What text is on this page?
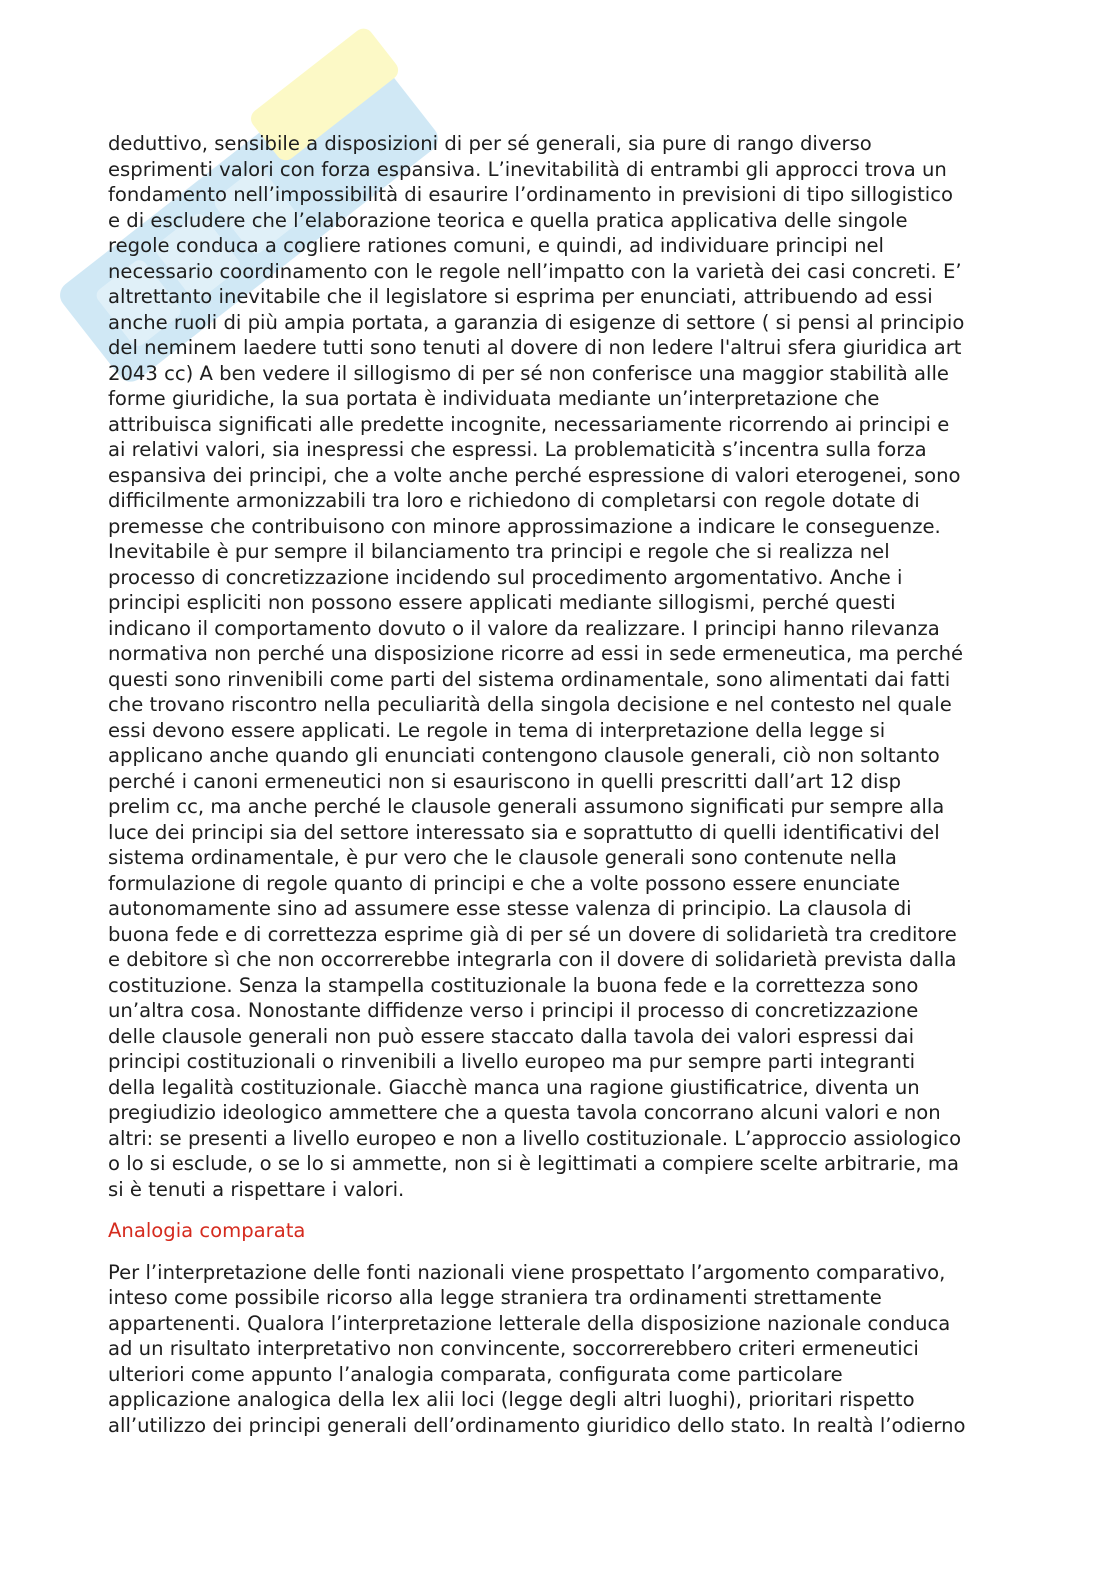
deduttivo, sensibile a disposizioni di per sé generali, sia pure di rango diverso
esprimenti valori con forza espansiva. L’inevitabilità di entrambi gli approcci trova un
fondamento nell’impossibilità di esaurire l’ordinamento in previsioni di tipo sillogistico
e di escludere che l’elaborazione teorica e quella pratica applicativa delle singole
regole conduca a cogliere rationes comuni, e quindi, ad individuare principi nel
necessario coordinamento con le regole nell’impatto con la varietà dei casi concreti. E’
altrettanto inevitabile che il legislatore si esprima per enunciati, attribuendo ad essi
anche ruoli di più ampia portata, a garanzia di esigenze di settore ( si pensi al principio
del neminem laedere tutti sono tenuti al dovere di non ledere l'altrui sfera giuridica art
2043 cc) A ben vedere il sillogismo di per sé non conferisce una maggior stabilità alle
forme giuridiche, la sua portata è individuata mediante un’interpretazione che
attribuisca significati alle predette incognite, necessariamente ricorrendo ai principi e
ai relativi valori, sia inespressi che espressi. La problematicità s’incentra sulla forza
espansiva dei principi, che a volte anche perché espressione di valori eterogenei, sono
difficilmente armonizzabili tra loro e richiedono di completarsi con regole dotate di
premesse che contribuisono con minore approssimazione a indicare le conseguenze.
Inevitabile è pur sempre il bilanciamento tra principi e regole che si realizza nel
processo di concretizzazione incidendo sul procedimento argomentativo. Anche i
principi espliciti non possono essere applicati mediante sillogismi, perché questi
indicano il comportamento dovuto o il valore da realizzare. I principi hanno rilevanza
normativa non perché una disposizione ricorre ad essi in sede ermeneutica, ma perché
questi sono rinvenibili come parti del sistema ordinamentale, sono alimentati dai fatti
che trovano riscontro nella peculiarità della singola decisione e nel contesto nel quale
essi devono essere applicati. Le regole in tema di interpretazione della legge si
applicano anche quando gli enunciati contengono clausole generali, ciò non soltanto
perché i canoni ermeneutici non si esauriscono in quelli prescritti dall’art 12 disp
prelim cc, ma anche perché le clausole generali assumono significati pur sempre alla
luce dei principi sia del settore interessato sia e soprattutto di quelli identificativi del
sistema ordinamentale, è pur vero che le clausole generali sono contenute nella
formulazione di regole quanto di principi e che a volte possono essere enunciate
autonomamente sino ad assumere esse stesse valenza di principio. La clausola di
buona fede e di correttezza esprime già di per sé un dovere di solidarietà tra creditore
e debitore sì che non occorrerebbe integrarla con il dovere di solidarietà prevista dalla
costituzione. Senza la stampella costituzionale la buona fede e la correttezza sono
un’altra cosa. Nonostante diffidenze verso i principi il processo di concretizzazione
delle clausole generali non può essere staccato dalla tavola dei valori espressi dai
principi costituzionali o rinvenibili a livello europeo ma pur sempre parti integranti
della legalità costituzionale. Giacchè manca una ragione giustificatrice, diventa un
pregiudizio ideologico ammettere che a questa tavola concorrano alcuni valori e non
altri: se presenti a livello europeo e non a livello costituzionale. L’approccio assiologico
o lo si esclude, o se lo si ammette, non si è legittimati a compiere scelte arbitrarie, ma
si è tenuti a rispettare i valori.

Analogia comparata

Per l’interpretazione delle fonti nazionali viene prospettato l’argomento comparativo,
inteso come possibile ricorso alla legge straniera tra ordinamenti strettamente
appartenenti. Qualora l’interpretazione letterale della disposizione nazionale conduca
ad un risultato interpretativo non convincente, soccorrerebbero criteri ermeneutici
ulteriori come appunto l’analogia comparata, configurata come particolare
applicazione analogica della lex alii loci (legge degli altri luoghi), prioritari rispetto
all’utilizzo dei principi generali dell’ordinamento giuridico dello stato. In realtà l’odierno
